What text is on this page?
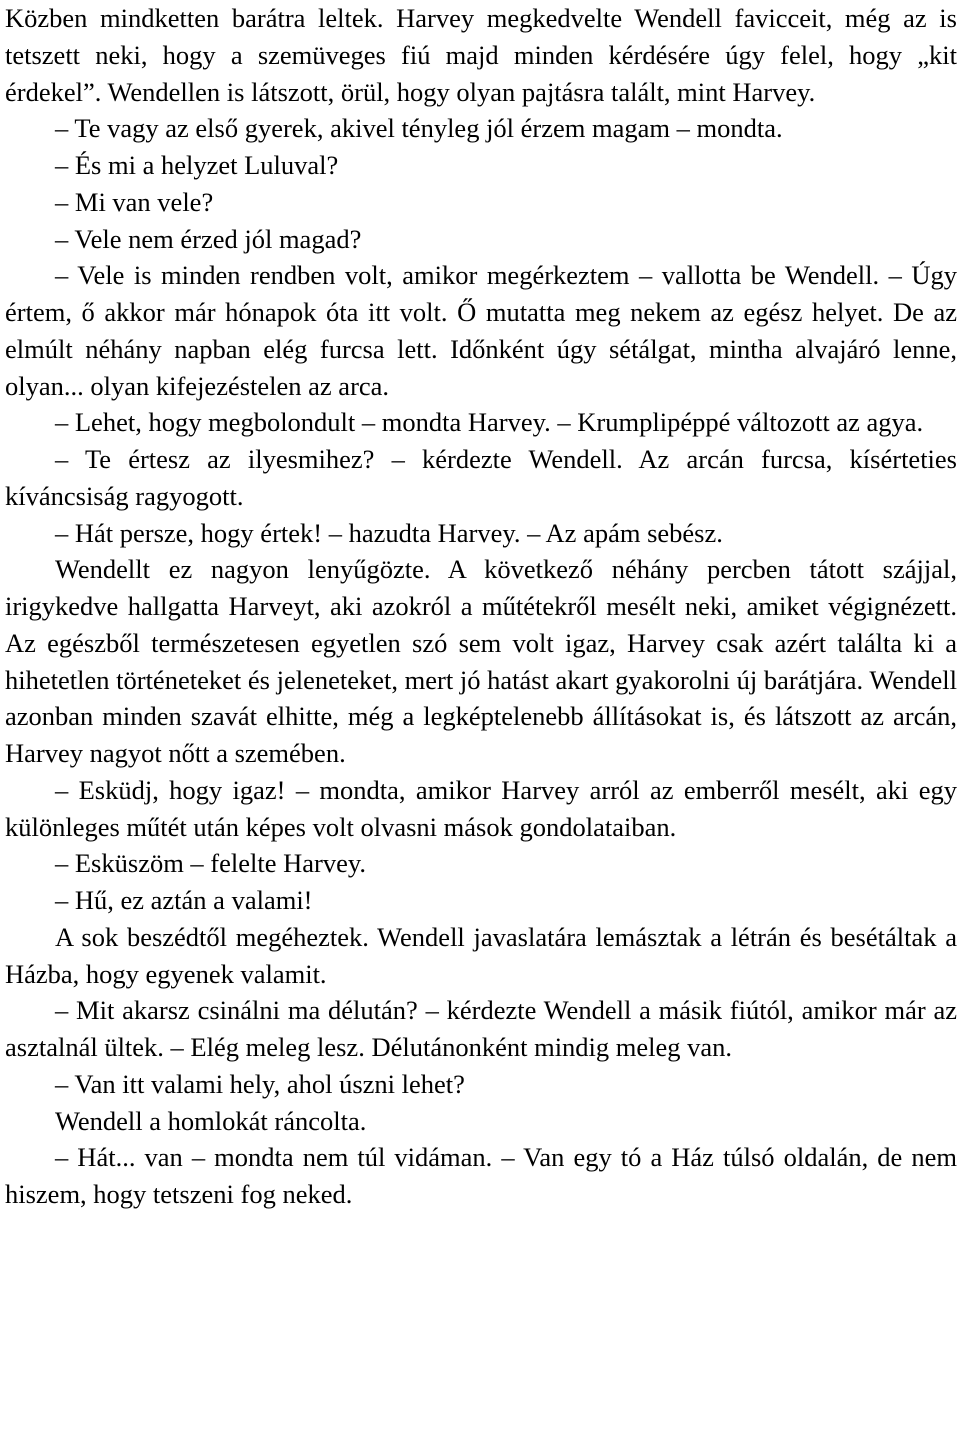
Közben mindketten barátra leltek. Harvey megkedvelte Wendell favicceit, még az is tetszett neki, hogy a szemüveges fiú majd minden kérdésére úgy felel, hogy „kit érdekel”. Wendellen is látszott, örül, hogy olyan pajtásra talált, mint Harvey.

– Te vagy az első gyerek, akivel tényleg jól érzem magam – mondta.

– És mi a helyzet Luluval?

– Mi van vele?

– Vele nem érzed jól magad?

– Vele is minden rendben volt, amikor megérkeztem – vallotta be Wendell. – Úgy értem, ő akkor már hónapok óta itt volt. Ő mutatta meg nekem az egész helyet. De az elmúlt néhány napban elég furcsa lett. Időnként úgy sétálgat, mintha alvajáró lenne, olyan... olyan kifejezéstelen az arca.

– Lehet, hogy megbolondult – mondta Harvey. – Krumplipéppé változott az agya.

– Te értesz az ilyesmihez? – kérdezte Wendell. Az arcán furcsa, kísérteties kíváncsiság ragyogott.

– Hát persze, hogy értek! – hazudta Harvey. – Az apám sebész.

Wendellt ez nagyon lenyűgözte. A következő néhány percben tátott szájjal, irigykedve hallgatta Harveyt, aki azokról a műtétekről mesélt neki, amiket végignézett. Az egészből természetesen egyetlen szó sem volt igaz, Harvey csak azért találta ki a hihetetlen történeteket és jeleneteket, mert jó hatást akart gyakorolni új barátjára. Wendell azonban minden szavát elhitte, még a legképtelenebb állításokat is, és látszott az arcán, Harvey nagyot nőtt a szemében.

– Esküdj, hogy igaz! – mondta, amikor Harvey arról az emberről mesélt, aki egy különleges műtét után képes volt olvasni mások gondolataiban.

– Esküszöm – felelte Harvey.

– Hű, ez aztán a valami!

A sok beszédtől megéheztek. Wendell javaslatára lemásztak a létrán és besétáltak a Házba, hogy egyenek valamit.

– Mit akarsz csinálni ma délután? – kérdezte Wendell a másik fiútól, amikor már az asztalnál ültek. – Elég meleg lesz. Délutánonként mindig meleg van.

– Van itt valami hely, ahol úszni lehet?

Wendell a homlokát ráncolta.

– Hát... van – mondta nem túl vidáman. – Van egy tó a Ház túlsó oldalán, de nem hiszem, hogy tetszeni fog neked.
